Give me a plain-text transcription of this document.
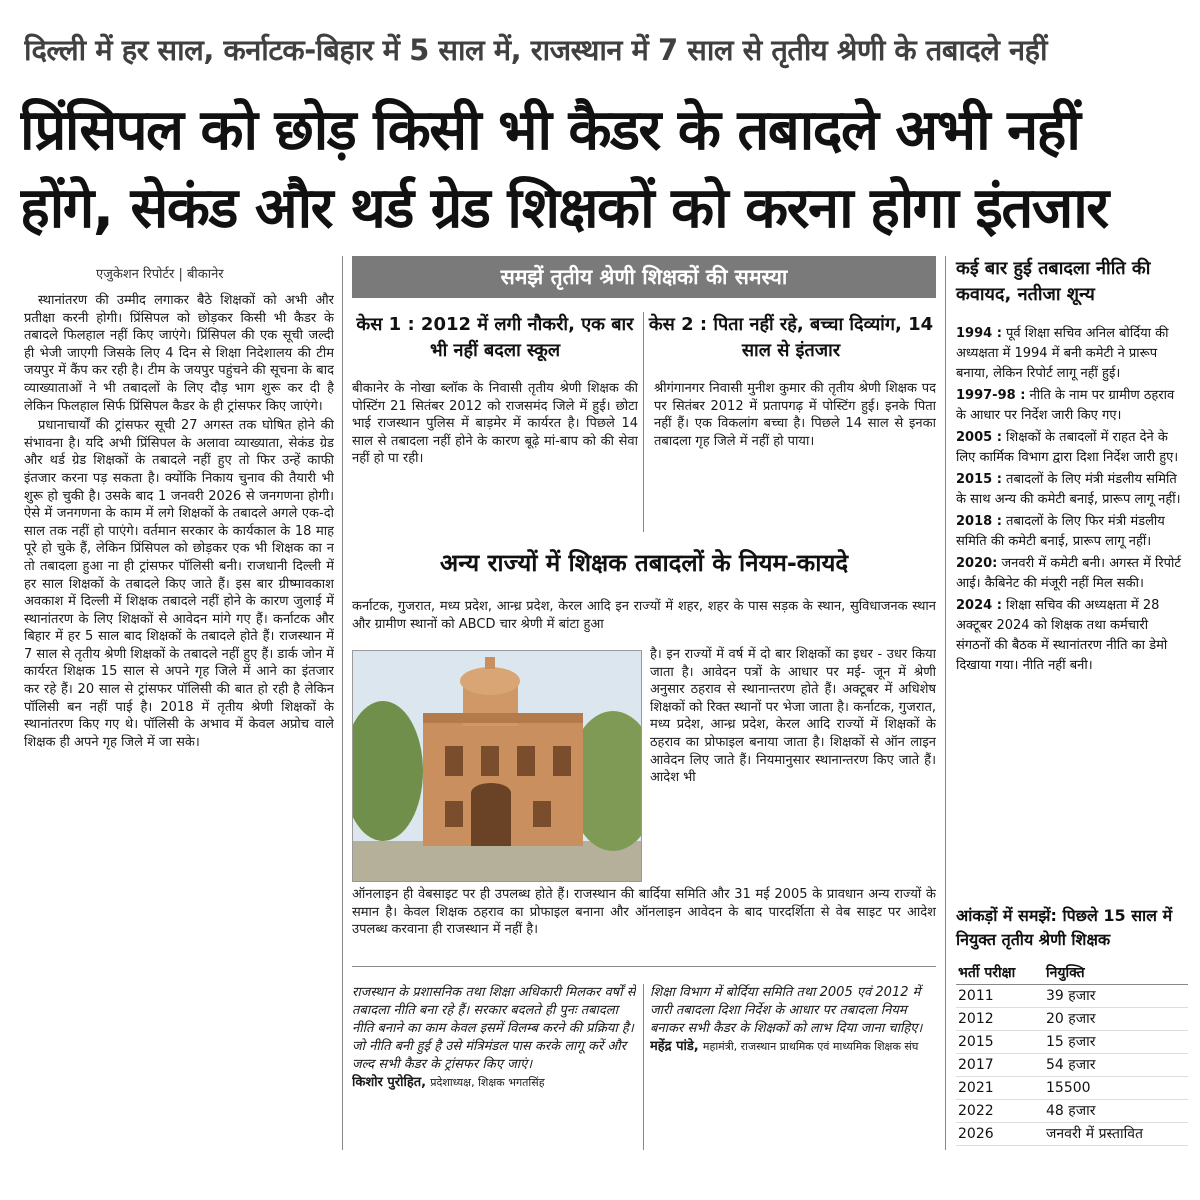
दिल्ली में हर साल, कर्नाटक-बिहार में 5 साल में, राजस्थान में 7 साल से तृतीय श्रेणी के तबादले नहीं
प्रिंसिपल को छोड़ किसी भी कैडर के तबादले अभी नहीं
होंगे, सेकंड और थर्ड ग्रेड शिक्षकों को करना होगा इंतजार
एजुकेशन रिपोर्टर | बीकानेर

स्थानांतरण की उम्मीद लगाकर बैठे शिक्षकों को अभी और प्रतीक्षा करनी होगी। प्रिंसिपल को छोड़कर किसी भी कैडर के तबादले फिलहाल नहीं किए जाएंगे। प्रिंसिपल की एक सूची जल्दी ही भेजी जाएगी जिसके लिए 4 दिन से शिक्षा निदेशालय की टीम जयपुर में कैंप कर रही है। टीम के जयपुर पहुंचने की सूचना के बाद व्याख्याताओं ने भी तबादलों के लिए दौड़ भाग शुरू कर दी है लेकिन फिलहाल सिर्फ प्रिंसिपल कैडर के ही ट्रांसफर किए जाएंगे।

प्रधानाचार्यों की ट्रांसफर सूची 27 अगस्त तक घोषित होने की संभावना है। यदि अभी प्रिंसिपल के अलावा व्याख्याता, सेकंड ग्रेड और थर्ड ग्रेड शिक्षकों के तबादले नहीं हुए तो फिर उन्हें काफी इंतजार करना पड़ सकता है। क्योंकि निकाय चुनाव की तैयारी भी शुरू हो चुकी है। उसके बाद 1 जनवरी 2026 से जनगणना होगी। ऐसे में जनगणना के काम में लगे शिक्षकों के तबादले अगले एक-दो साल तक नहीं हो पाएंगे। वर्तमान सरकार के कार्यकाल के 18 माह पूरे हो चुके हैं, लेकिन प्रिंसिपल को छोड़कर एक भी शिक्षक का न तो तबादला हुआ ना ही ट्रांसफर पॉलिसी बनी। राजधानी दिल्ली में हर साल शिक्षकों के तबादले किए जाते हैं। इस बार ग्रीष्मावकाश अवकाश में दिल्ली में शिक्षक तबादले नहीं होने के कारण जुलाई में स्थानांतरण के लिए शिक्षकों से आवेदन मांगे गए हैं। कर्नाटक और बिहार में हर 5 साल बाद शिक्षकों के तबादले होते हैं। राजस्थान में 7 साल से तृतीय श्रेणी शिक्षकों के तबादले नहीं हुए हैं। डार्क जोन में कार्यरत शिक्षक 15 साल से अपने गृह जिले में आने का इंतजार कर रहे हैं। 20 साल से ट्रांसफर पॉलिसी की बात हो रही है लेकिन पॉलिसी बन नहीं पाई है। 2018 में तृतीय श्रेणी शिक्षकों के स्थानांतरण किए गए थे। पॉलिसी के अभाव में केवल अप्रोच वाले शिक्षक ही अपने गृह जिले में जा सके।

समझें तृतीय श्रेणी शिक्षकों की समस्या
केस 1 : 2012 में लगी नौकरी, एक बार भी नहीं बदला स्कूल
केस 2 : पिता नहीं रहे, बच्चा दिव्यांग, 14 साल से इंतजार
बीकानेर के नोखा ब्लॉक के निवासी तृतीय श्रेणी शिक्षक की पोस्टिंग 21 सितंबर 2012 को राजसमंद जिले में हुई। छोटा भाई राजस्थान पुलिस में बाड़मेर में कार्यरत है। पिछले 14 साल से तबादला नहीं होने के कारण बूढ़े मां-बाप को की सेवा नहीं हो पा रही।
श्रीगंगानगर निवासी मुनीश कुमार की तृतीय श्रेणी शिक्षक पद पर सितंबर 2012 में प्रतापगढ़ में पोस्टिंग हुई। इनके पिता नहीं हैं। एक विकलांग बच्चा है। पिछले 14 साल से इनका तबादला गृह जिले में नहीं हो पाया।
अन्य राज्यों में शिक्षक तबादलों के नियम-कायदे
कर्नाटक, गुजरात, मध्य प्रदेश, आन्ध्र प्रदेश, केरल आदि इन राज्यों में शहर, शहर के पास सड़क के स्थान, सुविधाजनक स्थान और ग्रामीण स्थानों को ABCD चार श्रेणी में बांटा हुआ
है। इन राज्यों में वर्ष में दो बार शिक्षकों का इधर - उधर किया जाता है। आवेदन पत्रों के आधार पर मई- जून में श्रेणी अनुसार ठहराव से स्थानान्तरण होते हैं। अक्टूबर में अधिशेष शिक्षकों को रिक्त स्थानों पर भेजा जाता है। कर्नाटक, गुजरात, मध्य प्रदेश, आन्ध्र प्रदेश, केरल आदि राज्यों में शिक्षकों के ठहराव का प्रोफाइल बनाया जाता है। शिक्षकों से ऑन लाइन आवेदन लिए जाते हैं। नियमानुसार स्थानान्तरण किए जाते हैं। आदेश भी
ऑनलाइन ही वेबसाइट पर ही उपलब्ध होते हैं। राजस्थान की बार्दिया समिति और 31 मई 2005 के प्रावधान अन्य राज्यों के समान है। केवल शिक्षक ठहराव का प्रोफाइल बनाना और ऑनलाइन आवेदन के बाद पारदर्शिता से वेब साइट पर आदेश उपलब्ध करवाना ही राजस्थान में नहीं है।
राजस्थान के प्रशासनिक तथा शिक्षा अधिकारी मिलकर वर्षों से तबादला नीति बना रहे हैं। सरकार बदलते ही पुनः तबादला नीति बनाने का काम केवल इसमें विलम्ब करने की प्रक्रिया है। जो नीति बनी हुई है उसे मंत्रिमंडल पास करके लागू करें और जल्द सभी कैडर के ट्रांसफर किए जाएं।
किशोर पुरोहित, प्रदेशाध्यक्ष, शिक्षक भगतसिंह
शिक्षा विभाग में बोर्दिया समिति तथा 2005 एवं 2012 में जारी तबादला दिशा निर्देश के आधार पर तबादला नियम बनाकर सभी कैडर के शिक्षकों को लाभ दिया जाना चाहिए।
महेंद्र पांडे, महामंत्री, राजस्थान प्राथमिक एवं माध्यमिक शिक्षक संघ
कई बार हुई तबादला नीति की कवायद, नतीजा शून्य
1994 : पूर्व शिक्षा सचिव अनिल बोर्दिया की अध्यक्षता में 1994 में बनी कमेटी ने प्रारूप बनाया, लेकिन रिपोर्ट लागू नहीं हुई।
1997-98 : नीति के नाम पर ग्रामीण ठहराव के आधार पर निर्देश जारी किए गए।
2005 : शिक्षकों के तबादलों में राहत देने के लिए कार्मिक विभाग द्वारा दिशा निर्देश जारी हुए।
2015 : तबादलों के लिए मंत्री मंडलीय समिति के साथ अन्य की कमेटी बनाई, प्रारूप लागू नहीं।
2018 : तबादलों के लिए फिर मंत्री मंडलीय समिति की कमेटी बनाई, प्रारूप लागू नहीं।
2020: जनवरी में कमेटी बनी। अगस्त में रिपोर्ट आई। कैबिनेट की मंजूरी नहीं मिल सकी।
2024 : शिक्षा सचिव की अध्यक्षता में 28 अक्टूबर 2024 को शिक्षक तथा कर्मचारी संगठनों की बैठक में स्थानांतरण नीति का डेमो दिखाया गया। नीति नहीं बनी।
आंकड़ों में समझें: पिछले 15 साल में नियुक्त तृतीय श्रेणी शिक्षक
भर्ती परीक्षा	नियुक्ति
2011	39 हजार
2012	20 हजार
2015	15 हजार
2017	54 हजार
2021	15500
2022	48 हजार
2026	जनवरी में प्रस्तावित
